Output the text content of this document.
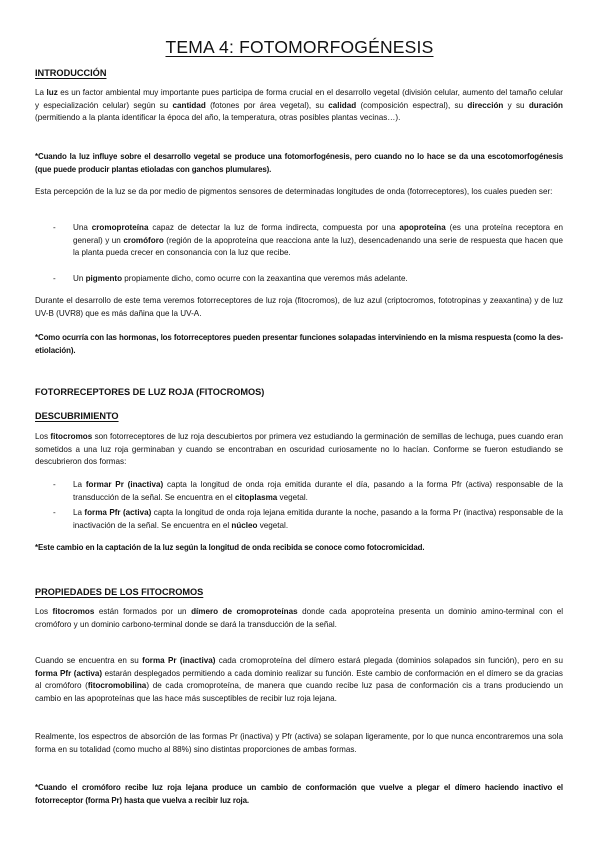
TEMA 4: FOTOMORFOGÉNESIS
INTRODUCCIÓN
La luz es un factor ambiental muy importante pues participa de forma crucial en el desarrollo vegetal (división celular, aumento del tamaño celular y especialización celular) según su cantidad (fotones por área vegetal), su calidad (composición espectral), su dirección y su duración (permitiendo a la planta identificar la época del año, la temperatura, otras posibles plantas vecinas…).
*Cuando la luz influye sobre el desarrollo vegetal se produce una fotomorfogénesis, pero cuando no lo hace se da una escotomorfogénesis (que puede producir plantas etioladas con ganchos plumulares).
Esta percepción de la luz se da por medio de pigmentos sensores de determinadas longitudes de onda (fotorreceptores), los cuales pueden ser:
- Una cromoproteína capaz de detectar la luz de forma indirecta, compuesta por una apoproteína (es una proteína receptora en general) y un cromóforo (región de la apoproteína que reacciona ante la luz), desencadenando una serie de respuesta que hacen que la planta pueda crecer en consonancia con la luz que recibe.
- Un pigmento propiamente dicho, como ocurre con la zeaxantina que veremos más adelante.
Durante el desarrollo de este tema veremos fotorreceptores de luz roja (fitocromos), de luz azul (criptocromos, fototropinas y zeaxantina) y de luz UV-B (UVR8) que es más dañina que la UV-A.
*Como ocurría con las hormonas, los fotorreceptores pueden presentar funciones solapadas interviniendo en la misma respuesta (como la des-etiolación).
FOTORRECEPTORES DE LUZ ROJA (FITOCROMOS)
DESCUBRIMIENTO
Los fitocromos son fotorreceptores de luz roja descubiertos por primera vez estudiando la germinación de semillas de lechuga, pues cuando eran sometidos a una luz roja germinaban y cuando se encontraban en oscuridad curiosamente no lo hacían. Conforme se fueron estudiando se descubrieron dos formas:
- La formar Pr (inactiva) capta la longitud de onda roja emitida durante el día, pasando a la forma Pfr (activa) responsable de la transducción de la señal. Se encuentra en el citoplasma vegetal.
- La forma Pfr (activa) capta la longitud de onda roja lejana emitida durante la noche, pasando a la forma Pr (inactiva) responsable de la inactivación de la señal. Se encuentra en el núcleo vegetal.
*Este cambio en la captación de la luz según la longitud de onda recibida se conoce como fotocromicidad.
PROPIEDADES DE LOS FITOCROMOS
Los fitocromos están formados por un dímero de cromoproteínas donde cada apoproteína presenta un dominio amino-terminal con el cromóforo y un dominio carbono-terminal donde se dará la transducción de la señal.
Cuando se encuentra en su forma Pr (inactiva) cada cromoproteína del dímero estará plegada (dominios solapados sin función), pero en su forma Pfr (activa) estarán desplegados permitiendo a cada dominio realizar su función. Este cambio de conformación en el dímero se da gracias al cromóforo (fitocromobilina) de cada cromoproteína, de manera que cuando recibe luz pasa de conformación cis a trans produciendo un cambio en las apoproteínas que las hace más susceptibles de recibir luz roja lejana.
Realmente, los espectros de absorción de las formas Pr (inactiva) y Pfr (activa) se solapan ligeramente, por lo que nunca encontraremos una sola forma en su totalidad (como mucho al 88%) sino distintas proporciones de ambas formas.
*Cuando el cromóforo recibe luz roja lejana produce un cambio de conformación que vuelve a plegar el dímero haciendo inactivo el fotorreceptor (forma Pr) hasta que vuelva a recibir luz roja.
